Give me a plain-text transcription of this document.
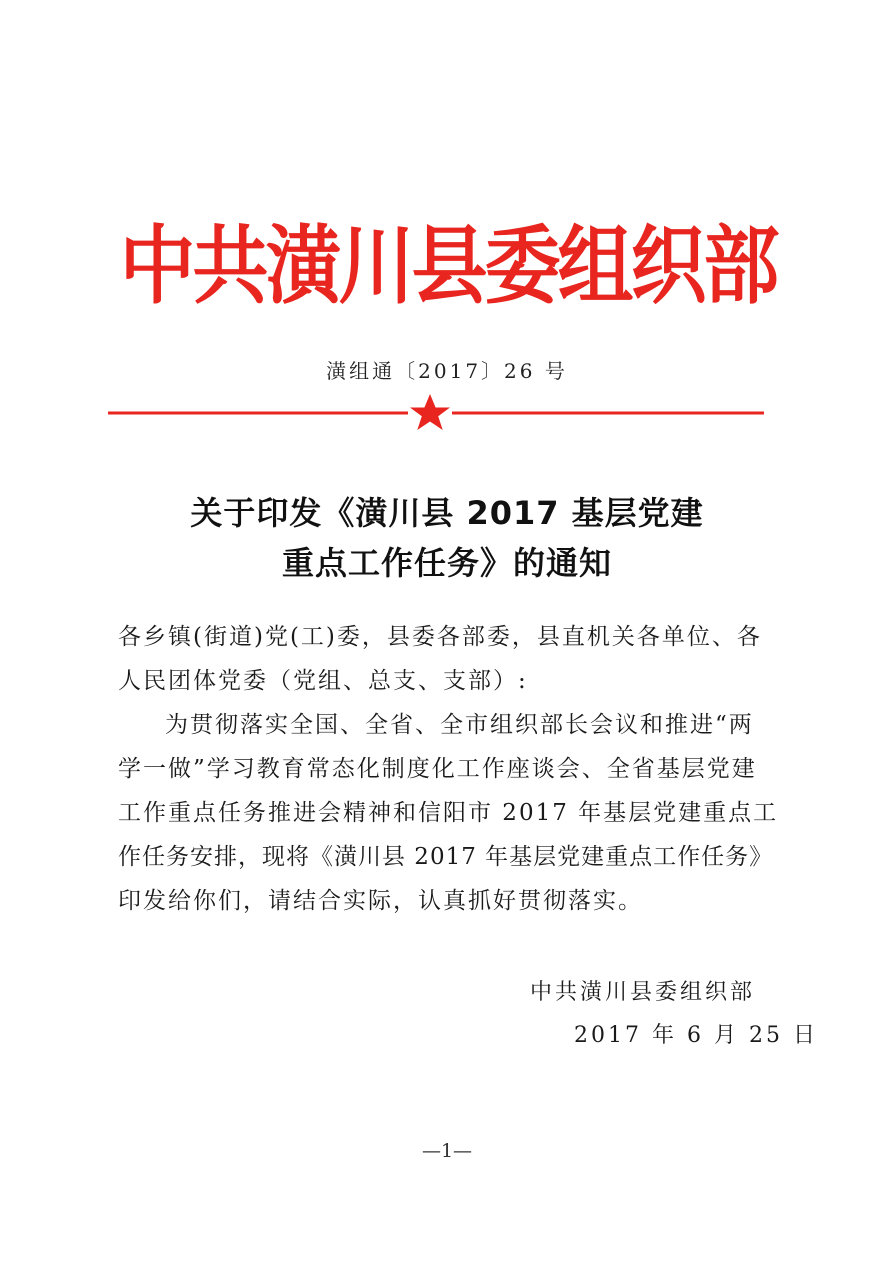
中共潢川县委组织部
潢组通〔2017〕26 号
关于印发《潢川县 2017 基层党建
重点工作任务》的通知
各乡镇(街道)党(工)委，县委各部委，县直机关各单位、各
人民团体党委（党组、总支、支部）:
为贯彻落实全国、全省、全市组织部长会议和推进“两
学一做”学习教育常态化制度化工作座谈会、全省基层党建
工作重点任务推进会精神和信阳市 2017 年基层党建重点工
作任务安排，现将《潢川县 2017 年基层党建重点工作任务》
印发给你们，请结合实际，认真抓好贯彻落实。
中共潢川县委组织部
2017 年 6 月 25 日
—1—
